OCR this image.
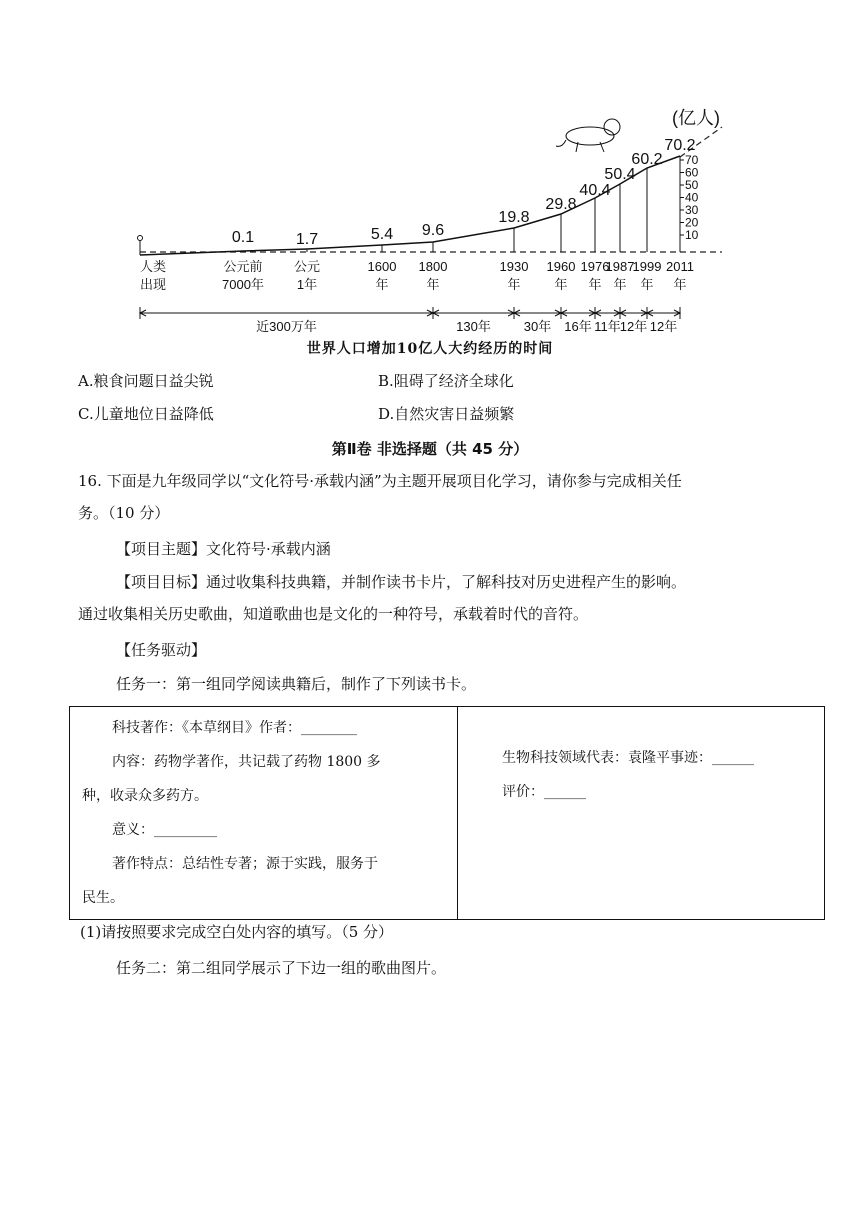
0.1	1.7	5.4 9.6
19.8
29.8
40.4
50.4
60.2
70.2
人类
出现
公元前
7000年
公元
1年
1600
年
1800
年
1930
年
1960
年
1976
年
1987
年
1999
年
2011
年
70
60
50
40
30
20
10
(亿人)
近300万年	130年	30年 16年 11年 12年 12年
世界人口增加10亿人大约经历的时间
A.粮食问题日益尖锐	B.阻碍了经济全球化
C.儿童地位日益降低	D.自然灾害日益频繁
第Ⅱ卷 非选择题（共 45 分）
16. 下面是九年级同学以“文化符号·承载内涵”为主题开展项目化学习，请你参与完成相关任
务。（10 分）
【项目主题】文化符号·承载内涵
【项目目标】通过收集科技典籍，并制作读书卡片，了解科技对历史进程产生的影响。
通过收集相关历史歌曲，知道歌曲也是文化的一种符号，承载着时代的音符。
【任务驱动】
任务一：第一组同学阅读典籍后，制作了下列读书卡。
科技著作：《本草纲目》作者：________
内容：药物学著作，共记载了药物 1800 多
种，收录众多药方。
意义：_________
著作特点：总结性专著；源于实践，服务于
民生。
生物科技领域代表：袁隆平事迹：______
评价：______
(1)请按照要求完成空白处内容的填写。（5 分）
任务二：第二组同学展示了下边一组的歌曲图片。
